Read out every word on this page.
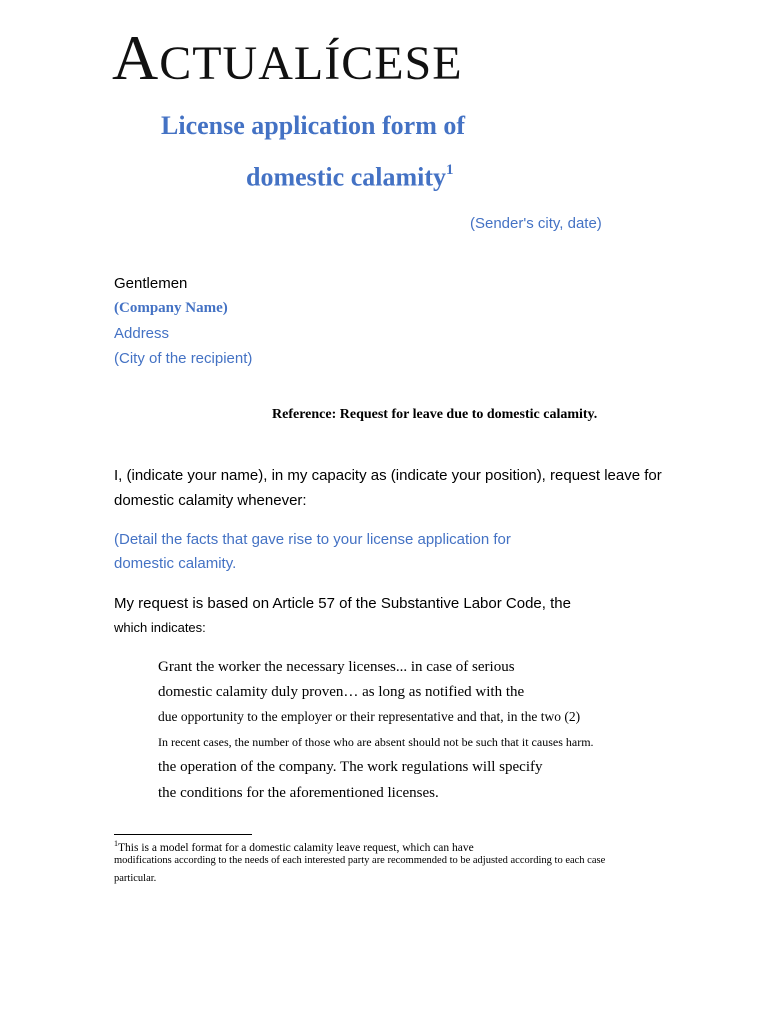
ACTUALÍCESE
License application form of
domestic calamity$^1$
(Sender's city, date)
Gentlemen
(Company Name)
Address
(City of the recipient)
Reference: Request for leave due to domestic calamity.
I, (indicate your name), in my capacity as (indicate your position), request leave for
domestic calamity whenever:
(Detail the facts that gave rise to your license application for
domestic calamity.
My request is based on Article 57 of the Substantive Labor Code, the
which indicates:
Grant the worker the necessary licenses... in case of serious
domestic calamity duly proven… as long as notified with the
due opportunity to the employer or their representative and that, in the two (2)
In recent cases, the number of those who are absent should not be such that it causes harm.
the operation of the company. The work regulations will specify
the conditions for the aforementioned licenses.
$^1$This is a model format for a domestic calamity leave request, which can have
modifications according to the needs of each interested party are recommended to be adjusted according to each case
particular.
